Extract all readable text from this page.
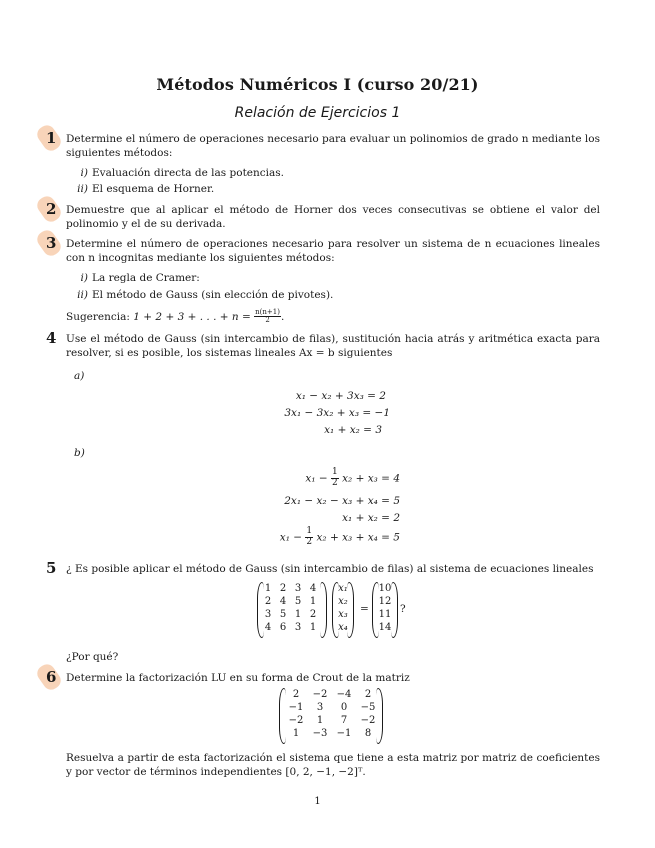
Métodos Numéricos I (curso 20/21)
Relación de Ejercicios 1
1 Determine el número de operaciones necesario para evaluar un polinomios de grado n mediante los siguientes métodos:
i) Evaluación directa de las potencias.
ii) El esquema de Horner.
2 Demuestre que al aplicar el método de Horner dos veces consecutivas se obtiene el valor del polinomio y el de su derivada.
3 Determine el número de operaciones necesario para resolver un sistema de n ecuaciones lineales con n incognitas mediante los siguientes métodos:
i) La regla de Cramer:
ii) El método de Gauss (sin elección de pivotes).
Sugerencia: 1 + 2 + 3 + . . . + $n = \frac{n(n+1)}{2}$ .
4 Use el método de Gauss (sin intercambio de filas), sustitución hacia atrás y aritmética exacta para resolver, si es posible, los sistemas lineales Ax = b siguientes
a)
x₁ − x₂ + 3x₃ = 2
3x₁ − 3x₂ + x₃ = −1
x₁ + x₂ = 3
b)
$x_1 - \frac{1}{2} x_2 + x_3 = 4$
2x₁ − x₂ − x₃ + x₄ = 5
x₁ + x₂ = 2
$x_1 - \frac{1}{2} x_2 + x_3 + x_4 = 5$
5 ¿ Es posible aplicar el método de Gauss (sin intercambio de filas) al sistema de ecuaciones lineales
1 2 3 4
2 4 5 1
3 5 1 2
4 6 3 1
x₁
x₂
x₃
x₄
=
10
12
11
14
?
¿Por qué?
6 Determine la factorización LU en su forma de Crout de la matriz
2	−2 −4	2
−1	3	0	−5
−2	1	7	−2
1	−3 −1	8
Resuelva a partir de esta factorización el sistema que tiene a esta matriz por matriz de coeficientes y por vector de términos independientes [0, 2, −1, −2]ᵀ.
1
